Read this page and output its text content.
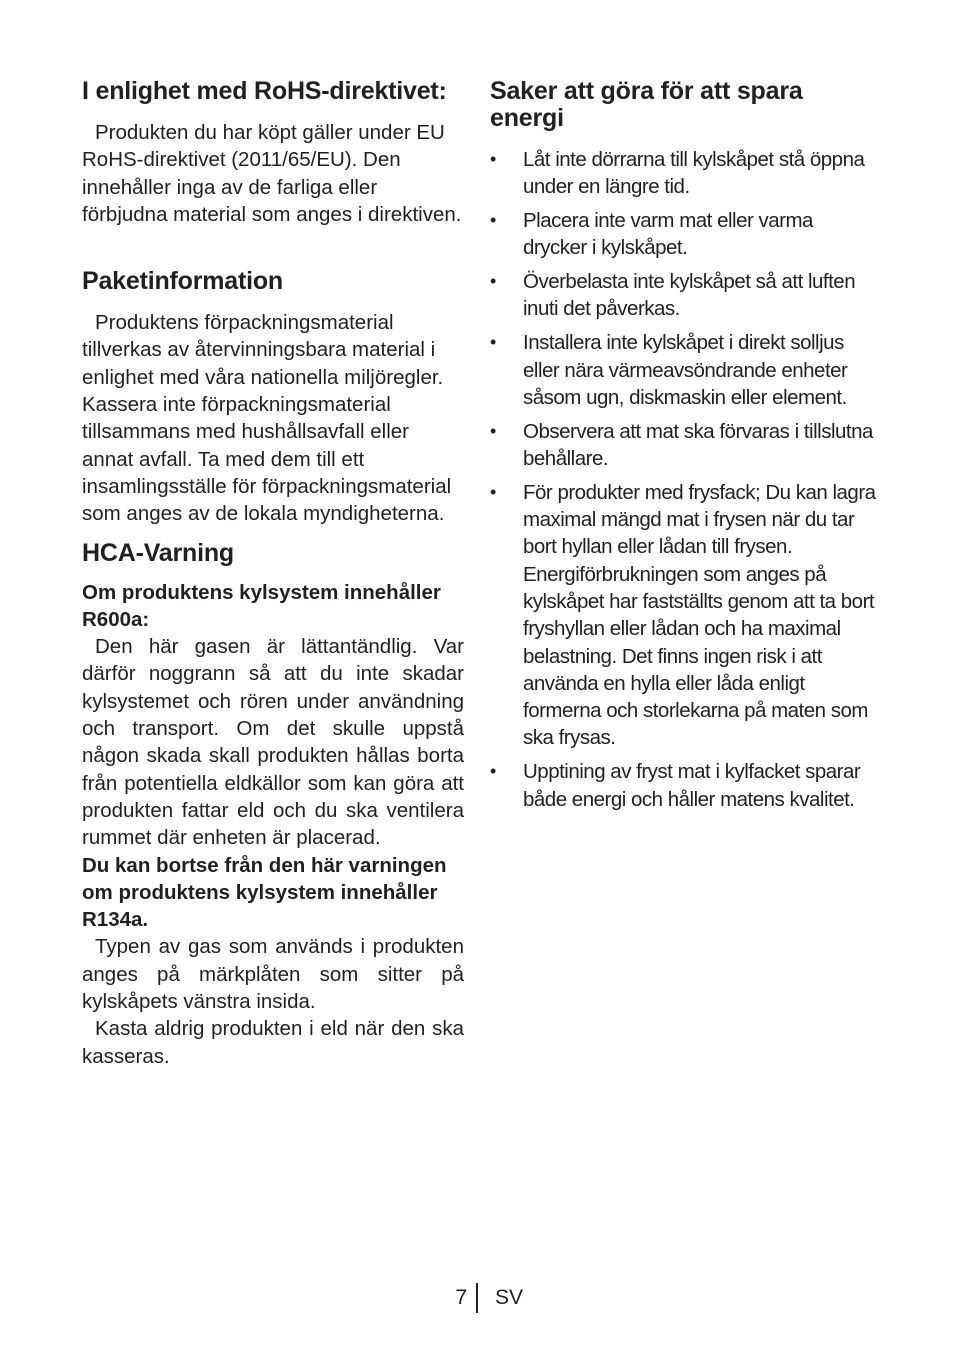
I enlighet med RoHS-direktivet:

Produkten du har köpt gäller under EU RoHS-direktivet (2011/65/EU). Den innehåller inga av de farliga eller förbjudna material som anges i direktiven.

Paketinformation

Produktens förpackningsmaterial tillverkas av återvinningsbara material i enlighet med våra nationella miljöregler. Kassera inte förpackningsmaterial tillsammans med hushållsavfall eller annat avfall. Ta med dem till ett insamlingsställe för förpackningsmaterial som anges av de lokala myndigheterna.

HCA-Varning
Om produktens kylsystem innehåller R600a:

Den här gasen är lättantändlig. Var därför noggrann så att du inte skadar kylsystemet och rören under användning och transport. Om det skulle uppstå någon skada skall produkten hållas borta från potentiella eldkällor som kan göra att produkten fattar eld och du ska ventilera rummet där enheten är placerad.

Du kan bortse från den här varningen om produktens kylsystem innehåller R134a.

Typen av gas som används i produkten anges på märkplåten som sitter på kylskåpets vänstra insida.

Kasta aldrig produkten i eld när den ska kasseras.

Saker att göra för att spara energi
• Låt inte dörrarna till kylskåpet stå öppna under en längre tid.
• Placera inte varm mat eller varma drycker i kylskåpet.
• Överbelasta inte kylskåpet så att luften inuti det påverkas.
• Installera inte kylskåpet i direkt solljus eller nära värmeavsöndrande enheter såsom ugn, diskmaskin eller element.
• Observera att mat ska förvaras i tillslutna behållare.
• För produkter med frysfack; Du kan lagra maximal mängd mat i frysen när du tar bort hyllan eller lådan till frysen. Energiförbrukningen som anges på kylskåpet har fastställts genom att ta bort fryshyllan eller lådan och ha maximal belastning. Det finns ingen risk i att använda en hylla eller låda enligt formerna och storlekarna på maten som ska frysas.
• Upptining av fryst mat i kylfacket sparar både energi och håller matens kvalitet.
7 SV
